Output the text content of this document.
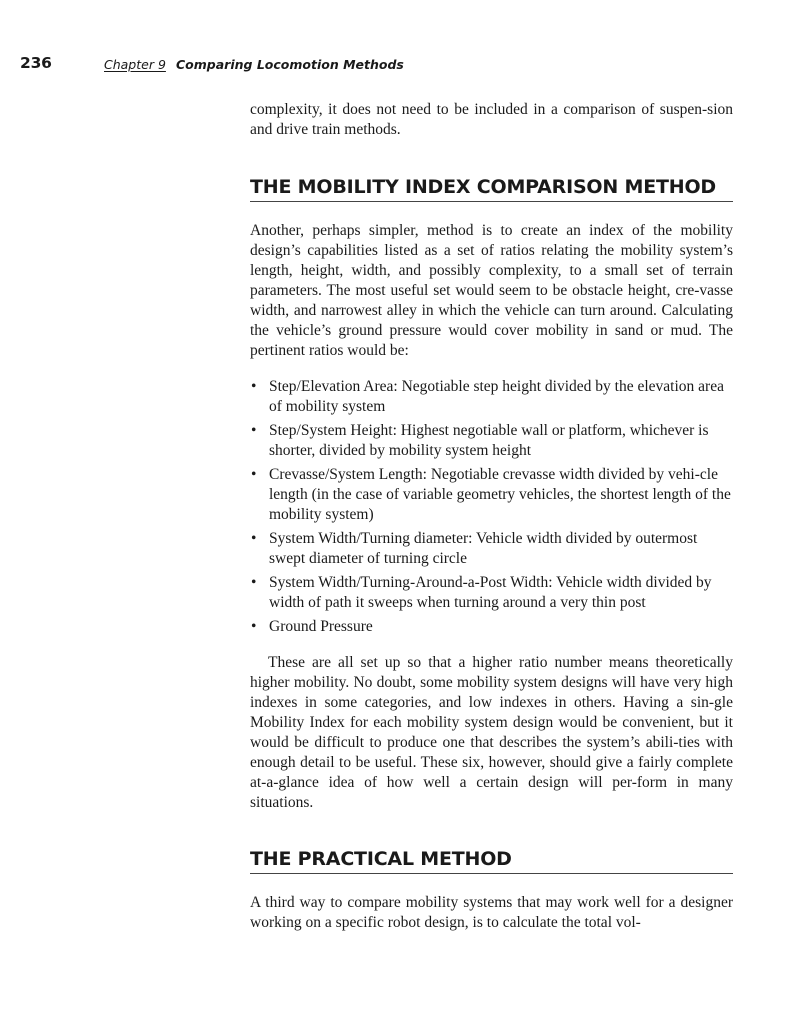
236	Chapter 9 Comparing Locomotion Methods

complexity, it does not need to be included in a comparison of suspen-sion and drive train methods.

THE MOBILITY INDEX COMPARISON METHOD

Another, perhaps simpler, method is to create an index of the mobility design’s capabilities listed as a set of ratios relating the mobility system’s length, height, width, and possibly complexity, to a small set of terrain parameters. The most useful set would seem to be obstacle height, cre-vasse width, and narrowest alley in which the vehicle can turn around. Calculating the vehicle’s ground pressure would cover mobility in sand or mud. The pertinent ratios would be:

• Step/Elevation Area: Negotiable step height divided by the elevation area of mobility system
• Step/System Height: Highest negotiable wall or platform, whichever is shorter, divided by mobility system height
• Crevasse/System Length: Negotiable crevasse width divided by vehi-cle length (in the case of variable geometry vehicles, the shortest length of the mobility system)
• System Width/Turning diameter: Vehicle width divided by outermost swept diameter of turning circle
• System Width/Turning-Around-a-Post Width: Vehicle width divided by width of path it sweeps when turning around a very thin post
• Ground Pressure

These are all set up so that a higher ratio number means theoretically higher mobility. No doubt, some mobility system designs will have very high indexes in some categories, and low indexes in others. Having a sin-gle Mobility Index for each mobility system design would be convenient, but it would be difficult to produce one that describes the system’s abili-ties with enough detail to be useful. These six, however, should give a fairly complete at-a-glance idea of how well a certain design will per-form in many situations.

THE PRACTICAL METHOD

A third way to compare mobility systems that may work well for a designer working on a specific robot design, is to calculate the total vol-
